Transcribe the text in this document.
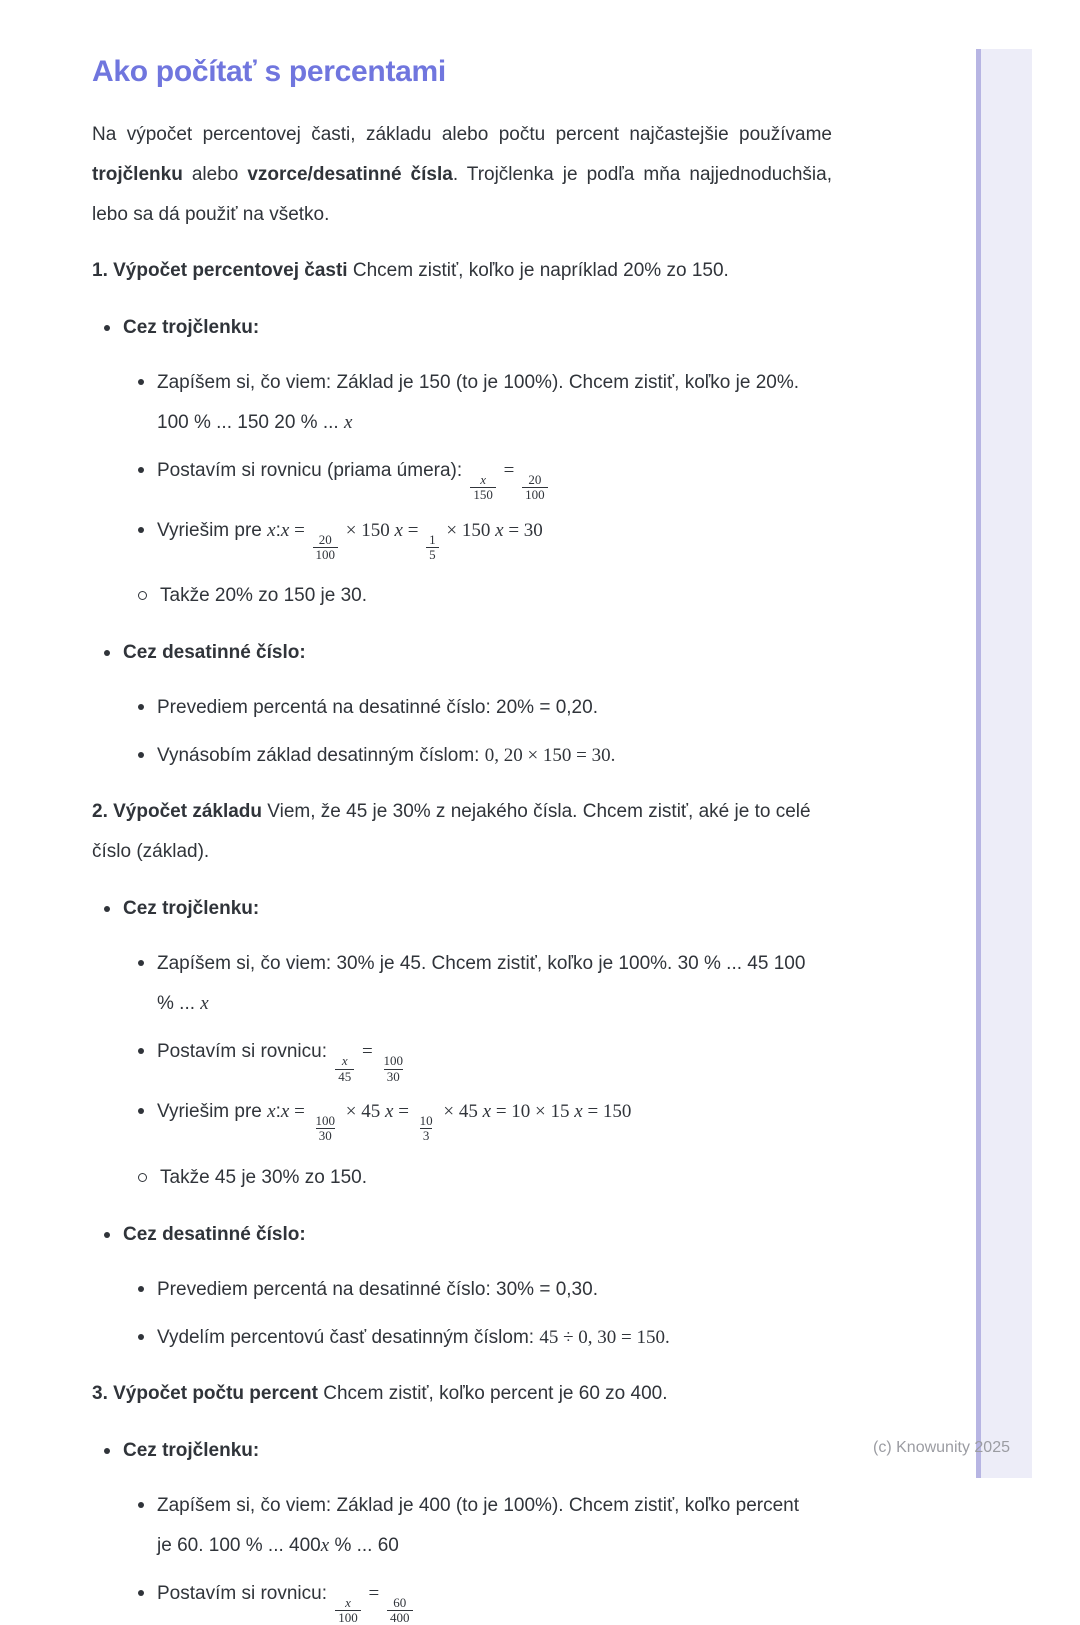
(c) Knowunity 2025
Ako počítať s percentami

Na výpočet percentovej časti, základu alebo počtu percent najčastejšie používame trojčlenku alebo vzorce/desatinné čísla. Trojčlenka je podľa mňa najjednoduchšia, lebo sa dá použiť na všetko.

1. Výpočet percentovej časti Chcem zistiť, koľko je napríklad 20% zo 150.

Cez trojčlenku:
Zapíšem si, čo viem: Základ je 150 (to je 100%). Chcem zistiť, koľko je 20%. 100 % ... 150 20 % ... x
Postavím si rovnicu (priama úmera):
$\frac{x}{150}$
=
$\frac{20}{100}$
Vyriešim pre x:x =
$\frac{20}{100}$
× 150 x =
$\frac{1}{5}$
× 150 x = 30
Takže 20% zo 150 je 30.
Cez desatinné číslo:
Prevediem percentá na desatinné číslo: 20% = 0,20.
Vynásobím základ desatinným číslom: 0, 20 × 150 = 30.

2. Výpočet základu Viem, že 45 je 30% z nejakého čísla. Chcem zistiť, aké je to celé číslo (základ).

Cez trojčlenku:
Zapíšem si, čo viem: 30% je 45. Chcem zistiť, koľko je 100%. 30 % ... 45 100 % ... x
Postavím si rovnicu:
$\frac{x}{45}$
=
$\frac{100}{30}$
Vyriešim pre x:x =
$\frac{100}{30}$
× 45 x =
$\frac{10}{3}$
× 45 x = 10 × 15 x = 150
Takže 45 je 30% zo 150.
Cez desatinné číslo:
Prevediem percentá na desatinné číslo: 30% = 0,30.
Vydelím percentovú časť desatinným číslom: 45 ÷ 0, 30 = 150.

3. Výpočet počtu percent Chcem zistiť, koľko percent je 60 zo 400.

Cez trojčlenku:
Zapíšem si, čo viem: Základ je 400 (to je 100%). Chcem zistiť, koľko percent je 60. 100 % ... 400x % ... 60
Postavím si rovnicu:
$\frac{x}{100}$
=
$\frac{60}{400}$
